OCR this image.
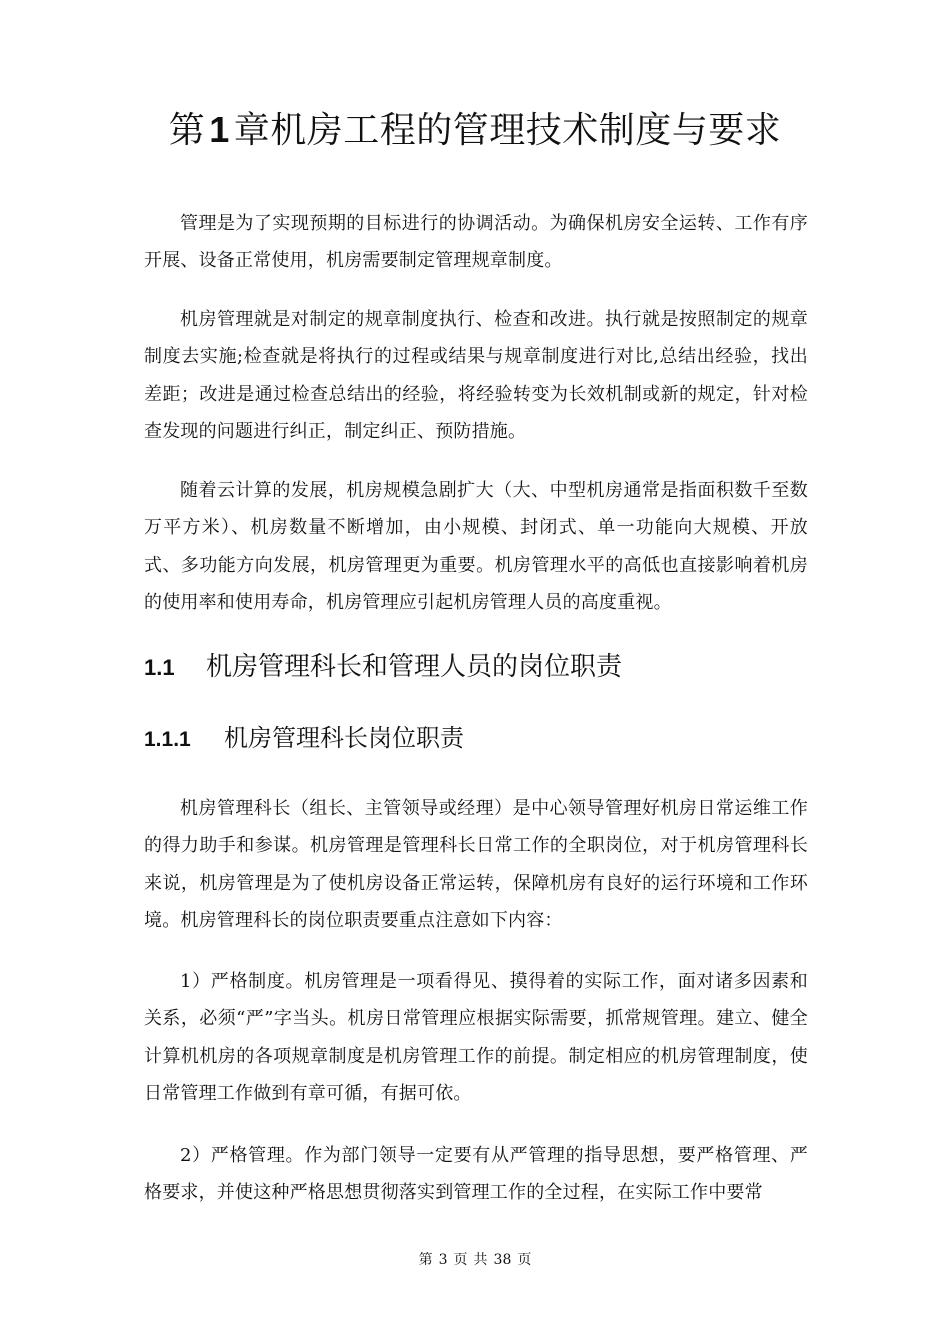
第 1 章机房工程的管理技术制度与要求

管理是为了实现预期的目标进行的协调活动。为确保机房安全运转、工作有序开展、设备正常使用，机房需要制定管理规章制度。

机房管理就是对制定的规章制度执行、检查和改进。执行就是按照制定的规章制度去实施;检查就是将执行的过程或结果与规章制度进行对比,总结出经验，找出差距；改进是通过检查总结出的经验，将经验转变为长效机制或新的规定，针对检查发现的问题进行纠正，制定纠正、预防措施。

随着云计算的发展，机房规模急剧扩大（大、中型机房通常是指面积数千至数万平方米）、机房数量不断增加，由小规模、封闭式、单一功能向大规模、开放式、多功能方向发展，机房管理更为重要。机房管理水平的高低也直接影响着机房的使用率和使用寿命，机房管理应引起机房管理人员的高度重视。

1.1	机房管理科长和管理人员的岗位职责
1.1.1	机房管理科长岗位职责

机房管理科长（组长、主管领导或经理）是中心领导管理好机房日常运维工作的得力助手和参谋。机房管理是管理科长日常工作的全职岗位，对于机房管理科长来说，机房管理是为了使机房设备正常运转，保障机房有良好的运行环境和工作环境。机房管理科长的岗位职责要重点注意如下内容：

1）严格制度。机房管理是一项看得见、摸得着的实际工作，面对诸多因素和关系，必须“严”字当头。机房日常管理应根据实际需要，抓常规管理。建立、健全计算机机房的各项规章制度是机房管理工作的前提。制定相应的机房管理制度，使日常管理工作做到有章可循，有据可依。

2）严格管理。作为部门领导一定要有从严管理的指导思想，要严格管理、严格要求，并使这种严格思想贯彻落实到管理工作的全过程，在实际工作中要常

第 3 页 共 38 页
